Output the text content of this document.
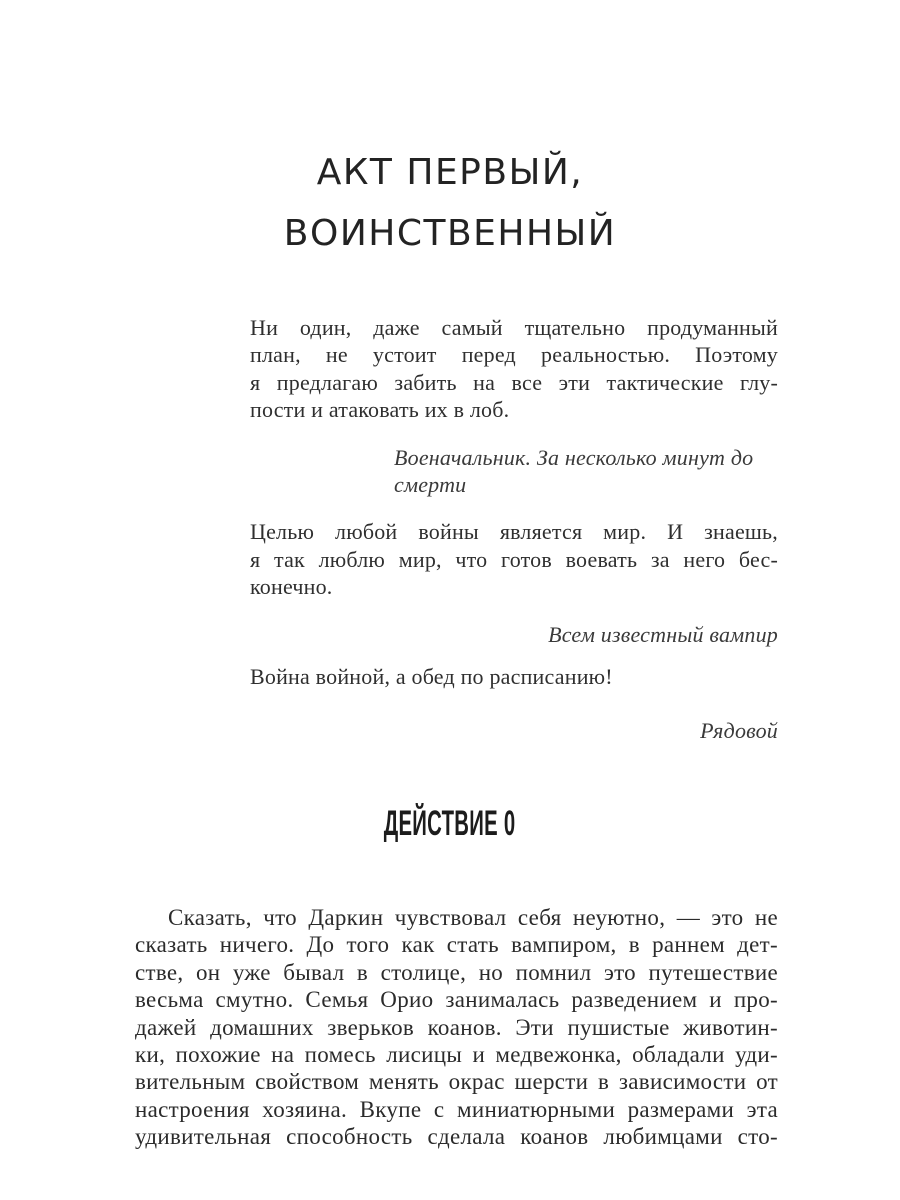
АКТ ПЕРВЫЙ,
ВОИНСТВЕННЫЙ
Ни один, даже самый тщательно продуманный
план, не устоит перед реальностью. Поэтому
я предлагаю забить на все эти тактические глу-
пости и атаковать их в лоб.
Военачальник. За несколько минут до
смерти
Целью любой войны является мир. И знаешь,
я так люблю мир, что готов воевать за него бес-
конечно.
Всем известный вампир
Война войной, а обед по расписанию!
Рядовой
ДЕЙСТВИЕ 0
Сказать, что Даркин чувствовал себя неуютно, — это не
сказать ничего. До того как стать вампиром, в раннем дет-
стве, он уже бывал в столице, но помнил это путешествие
весьма смутно. Семья Орио занималась разведением и про-
дажей домашних зверьков коанов. Эти пушистые животин-
ки, похожие на помесь лисицы и медвежонка, обладали уди-
вительным свойством менять окрас шерсти в зависимости от
настроения хозяина. Вкупе с миниатюрными размерами эта
удивительная способность сделала коанов любимцами сто-
